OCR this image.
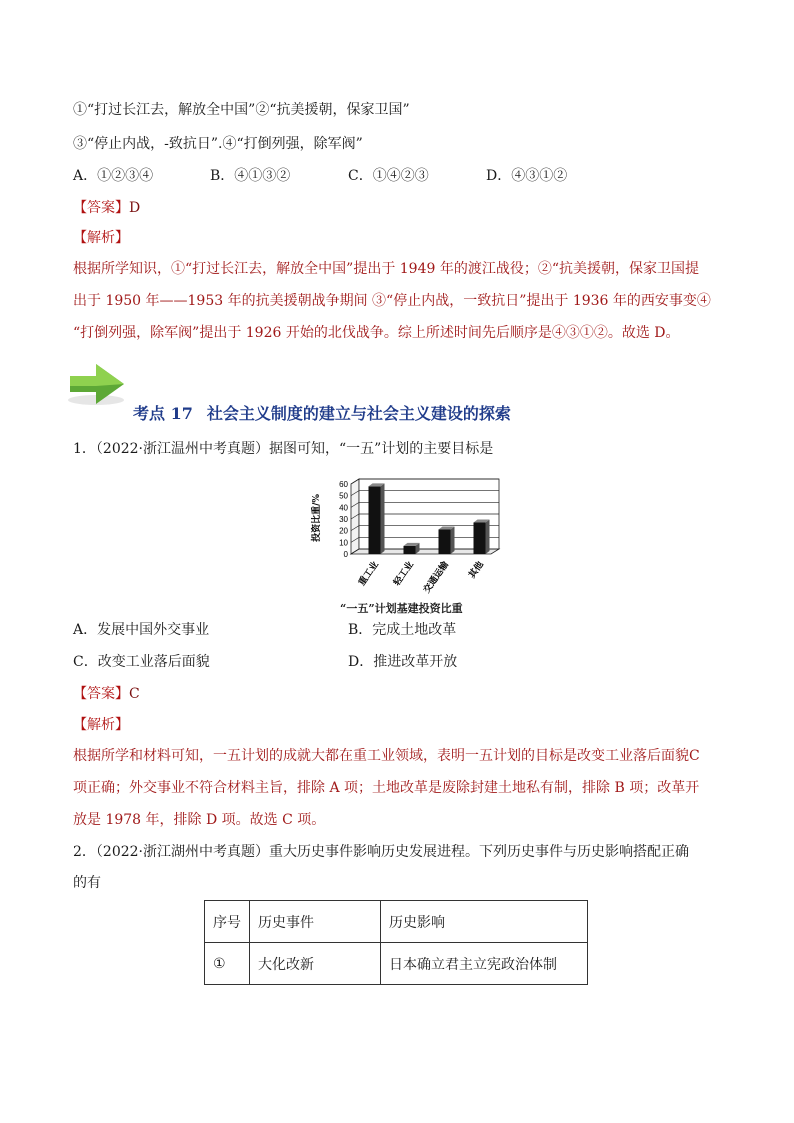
①“打过长江去，解放全中国”②“抗美援朝，保家卫国”
③“停止内战，-致抗日”.④“打倒列强，除军阀”
A．①②③④	B．④①③②	C．①④②③	D．④③①②
【答案】D
【解析】
根据所学知识，①“打过长江去，解放全中国”提出于 1949 年的渡江战役；②“抗美援朝，保家卫国提
出于 1950 年——1953 年的抗美援朝战争期间 ③“停止内战，一致抗日”提出于 1936 年的西安事变④
“打倒列强，除军阀”提出于 1926 开始的北伐战争。综上所述时间先后顺序是④③①②。故选 D。
考点 17 社会主义制度的建立与社会主义建设的探索
1．（2022·浙江温州中考真题）据图可知，“一五”计划的主要目标是
0
10
20
30
40
50
60
投资比重/%
重工业 轻工业 交通运输 其他
“一五”计划基建投资比重
A．发展中国外交事业	B．完成土地改革
C．改变工业落后面貌	D．推进改革开放
【答案】C
【解析】
根据所学和材料可知，一五计划的成就大都在重工业领域，表明一五计划的目标是改变工业落后面貌C
项正确；外交事业不符合材料主旨，排除 A 项；土地改革是废除封建土地私有制，排除 B 项；改革开
放是 1978 年，排除 D 项。故选 C 项。
2．（2022·浙江湖州中考真题）重大历史事件影响历史发展进程。下列历史事件与历史影响搭配正确
的有
序号	历史事件	历史影响
①	大化改新	日本确立君主立宪政治体制
